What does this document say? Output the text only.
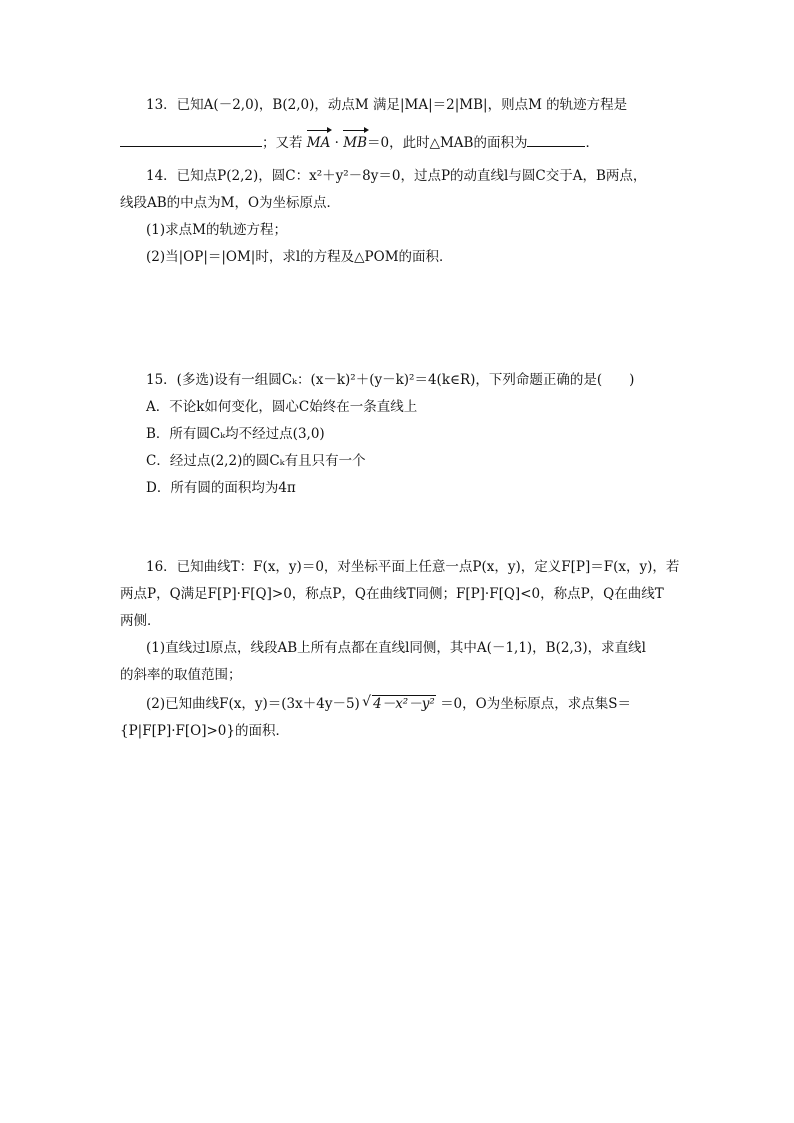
13．已知A(－2,0)，B(2,0)，动点M 满足|MA|＝2|MB|，则点M 的轨迹方程是
；又若 MA · MB＝0，此时△MAB的面积为	．
14．已知点P(2,2)，圆C：x²＋y²－8y＝0，过点P的动直线l与圆C交于A，B两点，
线段AB的中点为M，O为坐标原点．
(1)求点M的轨迹方程；
(2)当|OP|＝|OM|时，求l的方程及△POM的面积．
15．(多选)设有一组圆Cₖ：(x－k)²＋(y－k)²＝4(k∈R)，下列命题正确的是(　　)
A．不论k如何变化，圆心C始终在一条直线上
B．所有圆Cₖ均不经过点(3,0)
C．经过点(2,2)的圆Cₖ有且只有一个
D．所有圆的面积均为4π
16．已知曲线T：F(x，y)＝0，对坐标平面上任意一点P(x，y)，定义F[P]＝F(x，y)，若
两点P，Q满足F[P]·F[Q]>0，称点P，Q在曲线T同侧；F[P]·F[Q]<0，称点P，Q在曲线T
两侧．
(1)直线过l原点，线段AB上所有点都在直线l同侧，其中A(－1,1)，B(2,3)，求直线l
的斜率的取值范围；
(2)已知曲线F(x，y)＝(3x＋4y－5) √ 4－x²－y² ＝0，O为坐标原点，求点集S＝
{P|F[P]·F[O]>0}的面积．
